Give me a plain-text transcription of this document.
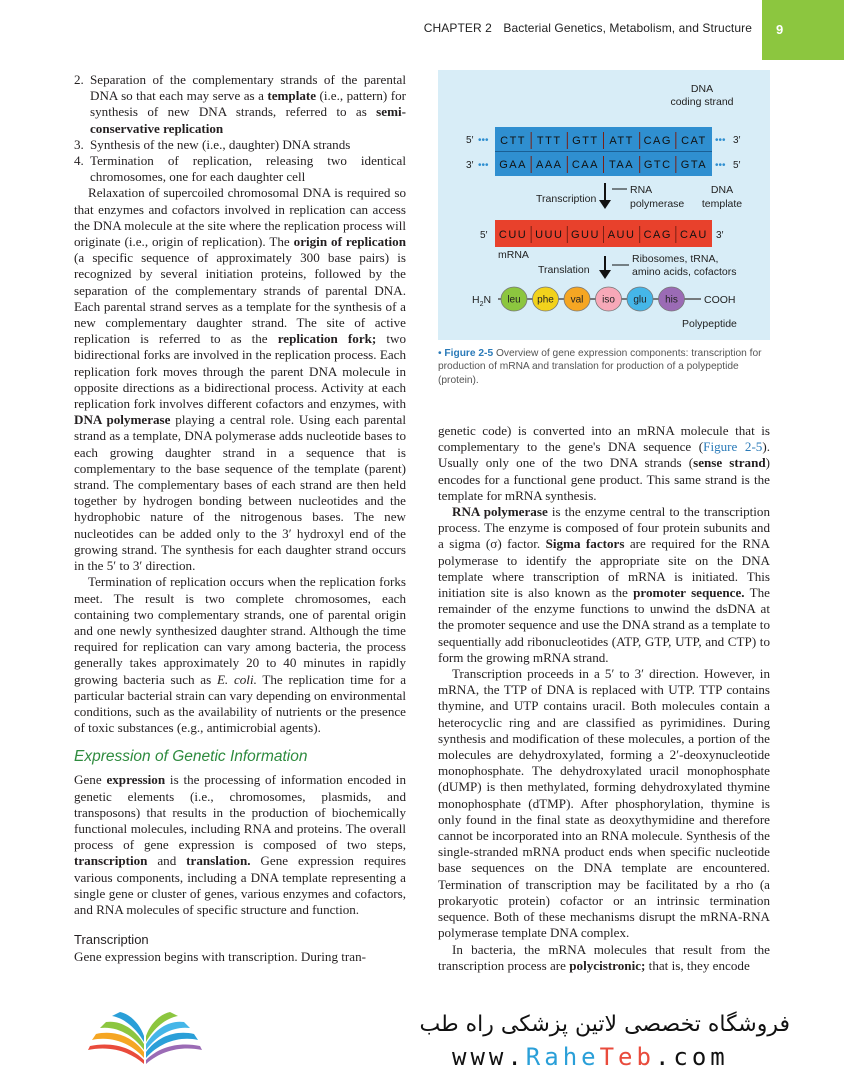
CHAPTER 2 Bacterial Genetics, Metabolism, and Structure	9
2. Separation of the complementary strands of the parental DNA so that each may serve as a template (i.e., pattern) for synthesis of new DNA strands, referred to as semi-conservative replication
3. Synthesis of the new (i.e., daughter) DNA strands
4. Termination of replication, releasing two identical chromosomes, one for each daughter cell

Relaxation of supercoiled chromosomal DNA is required so that enzymes and cofactors involved in replication can access the DNA molecule at the site where the replication process will originate (i.e., origin of replication). The origin of replication (a specific sequence of approximately 300 base pairs) is recognized by several initiation proteins, followed by the separation of the complementary strands of parental DNA. Each parental strand serves as a template for the synthesis of a new complementary daughter strand. The site of active replication is referred to as the replication fork; two bidirectional forks are involved in the replication process. Each replication fork moves through the parent DNA molecule in opposite directions as a bidirectional process. Activity at each replication fork involves different cofactors and enzymes, with DNA polymerase playing a central role. Using each parental strand as a template, DNA polymerase adds nucleotide bases to each growing daughter strand in a sequence that is complementary to the base sequence of the template (parent) strand. The complementary bases of each strand are then held together by hydrogen bonding between nucleotides and the hydrophobic nature of the nitrogenous bases. The new nucleotides can be added only to the 3′ hydroxyl end of the growing strand. The synthesis for each daughter strand occurs in the 5′ to 3′ direction.

Termination of replication occurs when the replication forks meet. The result is two complete chromosomes, each containing two complementary strands, one of parental origin and one newly synthesized daughter strand. Although the time required for replication can vary among bacteria, the process generally takes approximately 20 to 40 minutes in rapidly growing bacteria such as E. coli. The replication time for a particular bacterial strain can vary depending on environmental conditions, such as the availability of nutrients or the presence of toxic substances (e.g., antimicrobial agents).

Expression of Genetic Information

Gene expression is the processing of information encoded in genetic elements (i.e., chromosomes, plasmids, and transposons) that results in the production of biochemically functional molecules, including RNA and proteins. The overall process of gene expression is composed of two steps, transcription and translation. Gene expression requires various components, including a DNA template representing a single gene or cluster of genes, various enzymes and cofactors, and RNA molecules of specific structure and function.

Transcription

Gene expression begins with transcription. During tran-

DNA
coding strand
CTT TTT GTT ATT CAG CAT
GAA AAA CAA TAA GTC GTA
5′ •••	••• 3′
3′ •••	••• 5′
Transcription
RNA
polymerase
DNA
template
CUU UUU GUU AUU CAG CAU
5′	3′
mRNA
Translation
Ribosomes, tRNA,
amino acids, cofactors
$H_2N$ leu phe val iso glu his COOH
Polypeptide
• Figure 2-5 Overview of gene expression components: transcription for production of mRNA and translation for production of a polypeptide (protein).

genetic code) is converted into an mRNA molecule that is complementary to the gene's DNA sequence (Figure 2-5). Usually only one of the two DNA strands (sense strand) encodes for a functional gene product. This same strand is the template for mRNA synthesis.

RNA polymerase is the enzyme central to the transcription process. The enzyme is composed of four protein subunits and a sigma (σ) factor. Sigma factors are required for the RNA polymerase to identify the appropriate site on the DNA template where transcription of mRNA is initiated. This initiation site is also known as the promoter sequence. The remainder of the enzyme functions to unwind the dsDNA at the promoter sequence and use the DNA strand as a template to sequentially add ribonucleotides (ATP, GTP, UTP, and CTP) to form the growing mRNA strand.

Transcription proceeds in a 5′ to 3′ direction. However, in mRNA, the TTP of DNA is replaced with UTP. TTP contains thymine, and UTP contains uracil. Both molecules contain a heterocyclic ring and are classified as pyrimidines. During synthesis and modification of these molecules, a portion of the molecules are dehydroxylated, forming a 2′-deoxynucleotide monophosphate. The dehydroxylated uracil monophosphate (dUMP) is then methylated, forming dehydroxylated thymine monophosphate (dTMP). After phosphorylation, thymine is only found in the final state as deoxythymidine and therefore cannot be incorporated into an RNA molecule. Synthesis of the single-stranded mRNA product ends when specific nucleotide base sequences on the DNA template are encountered. Termination of transcription may be facilitated by a rho (a prokaryotic protein) cofactor or an intrinsic termination sequence. Both of these mechanisms disrupt the mRNA-RNA polymerase template DNA complex.

In bacteria, the mRNA molecules that result from the transcription process are polycistronic; that is, they encode

فروشگاه تخصصی لاتین پزشکی راه طب
www.RaheTeb.com
